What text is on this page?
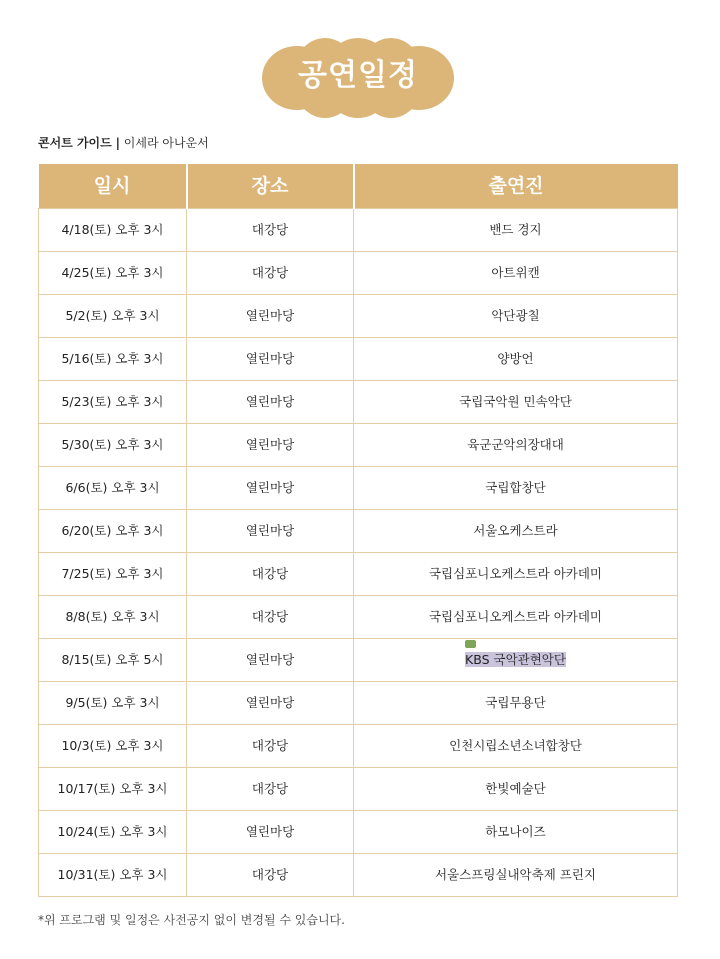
공연일정
콘서트 가이드 | 이세라 아나운서
일시	장소	출연진
4/18(토) 오후 3시	대강당	밴드 경지
4/25(토) 오후 3시	대강당	아트위캔
5/2(토) 오후 3시	열린마당	악단광칠
5/16(토) 오후 3시	열린마당	양방언
5/23(토) 오후 3시	열린마당	국립국악원 민속악단
5/30(토) 오후 3시	열린마당	육군군악의장대대
6/6(토) 오후 3시	열린마당	국립합창단
6/20(토) 오후 3시	열린마당	서울오케스트라
7/25(토) 오후 3시	대강당	국립심포니오케스트라 아카데미
8/8(토) 오후 3시	대강당	국립심포니오케스트라 아카데미
8/15(토) 오후 5시	열린마당	KBS 국악관현악단
9/5(토) 오후 3시	열린마당	국립무용단
10/3(토) 오후 3시	대강당	인천시립소년소녀합창단
10/17(토) 오후 3시	대강당	한빛예술단
10/24(토) 오후 3시	열린마당	하모나이즈
10/31(토) 오후 3시	대강당	서울스프링실내악축제 프린지
*위 프로그램 및 일정은 사전공지 없이 변경될 수 있습니다.
